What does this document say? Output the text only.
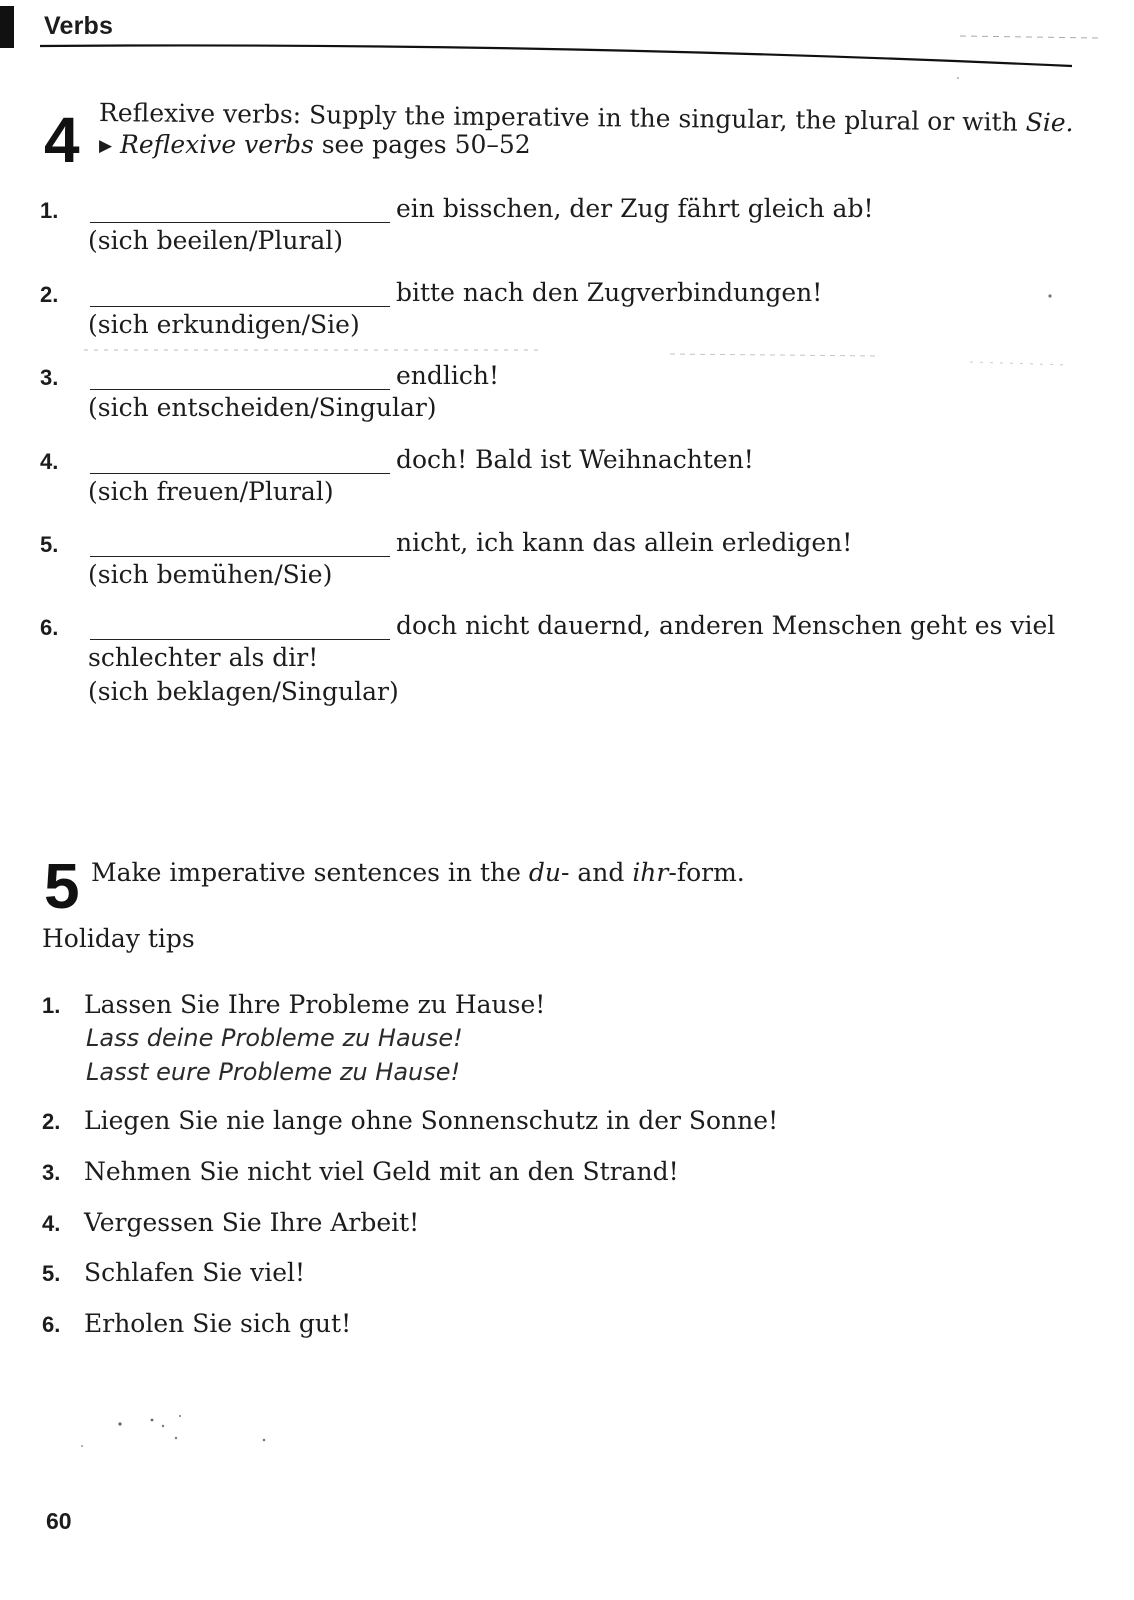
Verbs
4 Reflexive verbs: Supply the imperative in the singular, the plural or with Sie.
▶ Reflexive verbs see pages 50–52
1.	ein bisschen, der Zug fährt gleich ab!
(sich beeilen/Plural)
2.	bitte nach den Zugverbindungen!
(sich erkundigen/Sie)
3.	endlich!
(sich entscheiden/Singular)
4.	doch! Bald ist Weihnachten!
(sich freuen/Plural)
5.	nicht, ich kann das allein erledigen!
(sich bemühen/Sie)
6.	doch nicht dauernd, anderen Menschen geht es viel
schlechter als dir!
(sich beklagen/Singular)
5 Make imperative sentences in the du- and ihr-form.
Holiday tips
1. Lassen Sie Ihre Probleme zu Hause!
Lass deine Probleme zu Hause!
Lasst eure Probleme zu Hause!
2. Liegen Sie nie lange ohne Sonnenschutz in der Sonne!
3. Nehmen Sie nicht viel Geld mit an den Strand!
4. Vergessen Sie Ihre Arbeit!
5. Schlafen Sie viel!
6. Erholen Sie sich gut!
60
